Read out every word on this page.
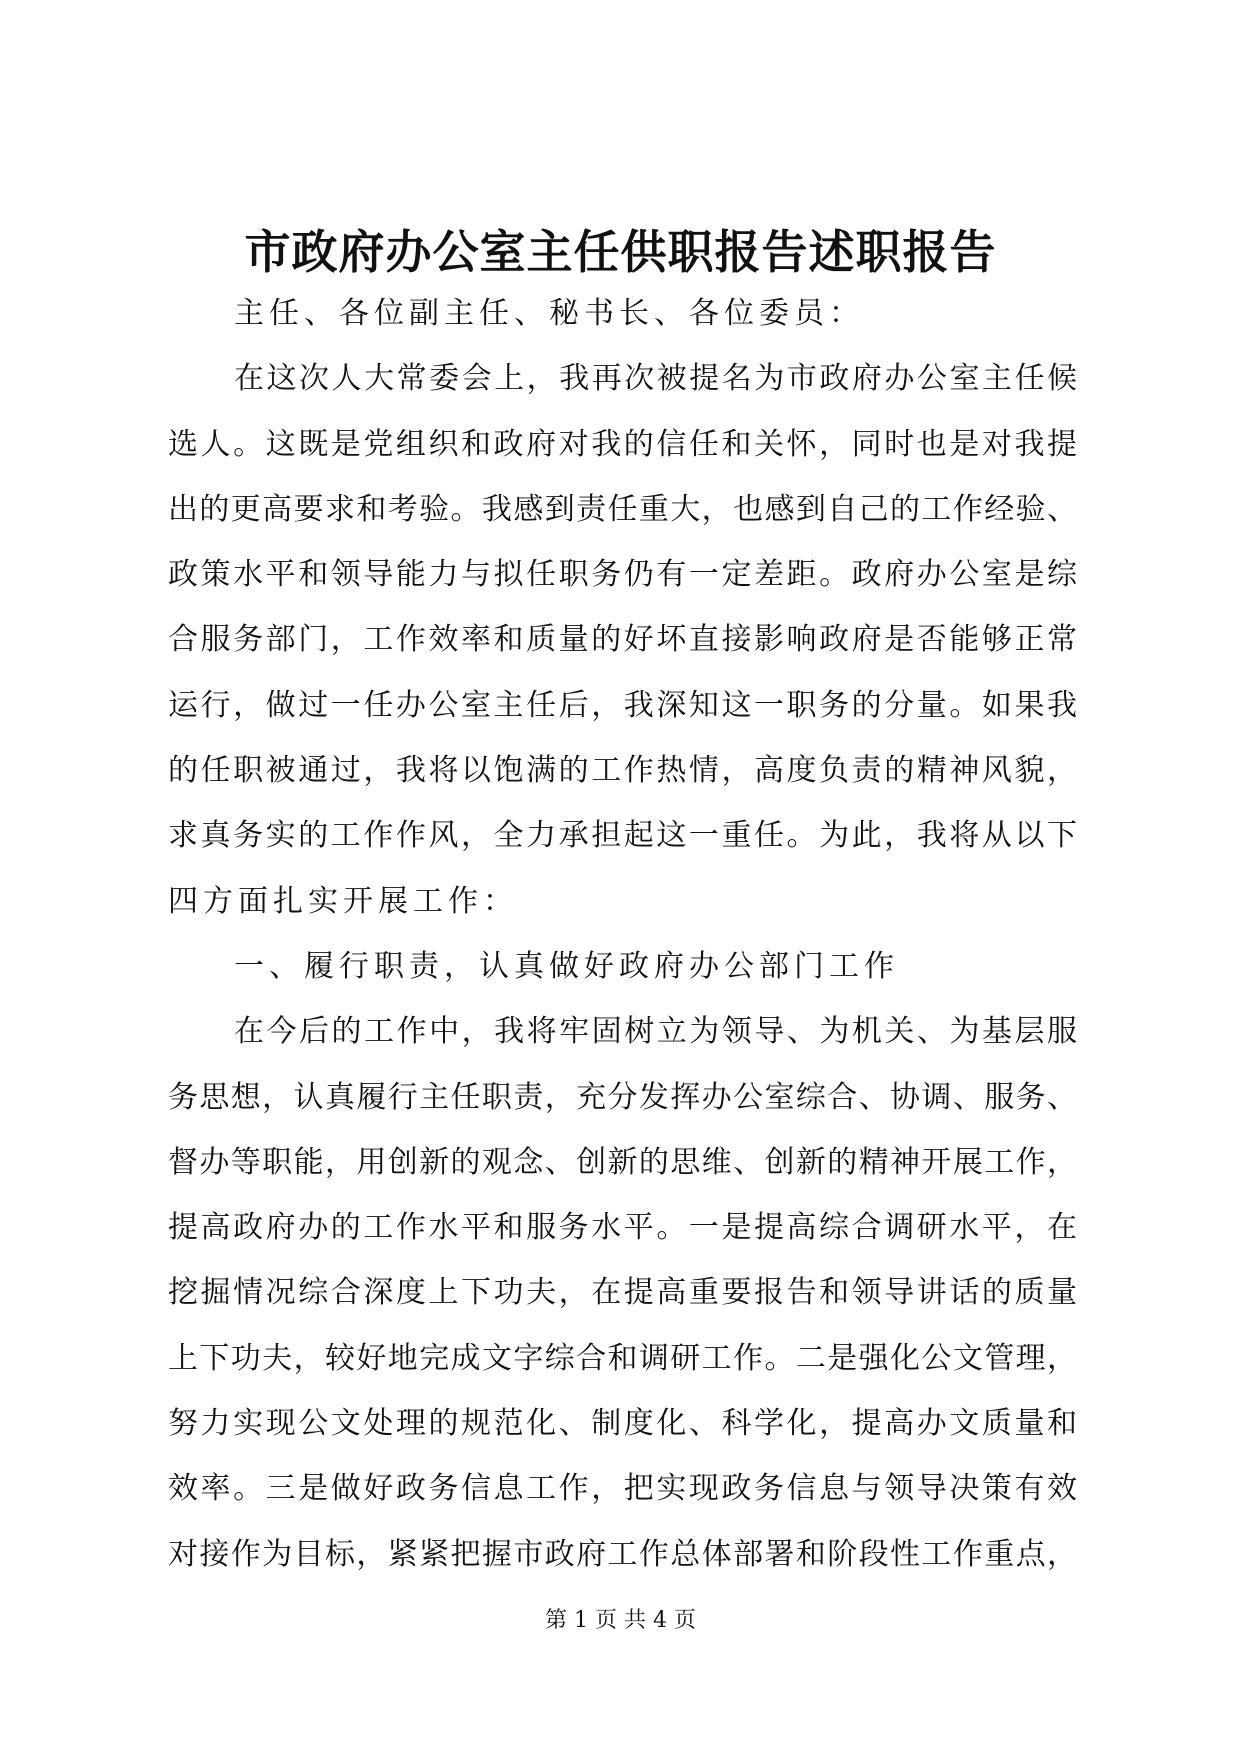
市政府办公室主任供职报告述职报告
主任、各位副主任、秘书长、各位委员：
在这次人大常委会上，我再次被提名为市政府办公室主任候
选人。这既是党组织和政府对我的信任和关怀，同时也是对我提
出的更高要求和考验。我感到责任重大，也感到自己的工作经验、
政策水平和领导能力与拟任职务仍有一定差距。政府办公室是综
合服务部门，工作效率和质量的好坏直接影响政府是否能够正常
运行，做过一任办公室主任后，我深知这一职务的分量。如果我
的任职被通过，我将以饱满的工作热情，高度负责的精神风貌，
求真务实的工作作风，全力承担起这一重任。为此，我将从以下
四方面扎实开展工作：
一、履行职责，认真做好政府办公部门工作
在今后的工作中，我将牢固树立为领导、为机关、为基层服
务思想，认真履行主任职责，充分发挥办公室综合、协调、服务、
督办等职能，用创新的观念、创新的思维、创新的精神开展工作，
提高政府办的工作水平和服务水平。一是提高综合调研水平，在
挖掘情况综合深度上下功夫，在提高重要报告和领导讲话的质量
上下功夫，较好地完成文字综合和调研工作。二是强化公文管理，
努力实现公文处理的规范化、制度化、科学化，提高办文质量和
效率。三是做好政务信息工作，把实现政务信息与领导决策有效
对接作为目标，紧紧把握市政府工作总体部署和阶段性工作重点，
第 1 页 共 4 页
